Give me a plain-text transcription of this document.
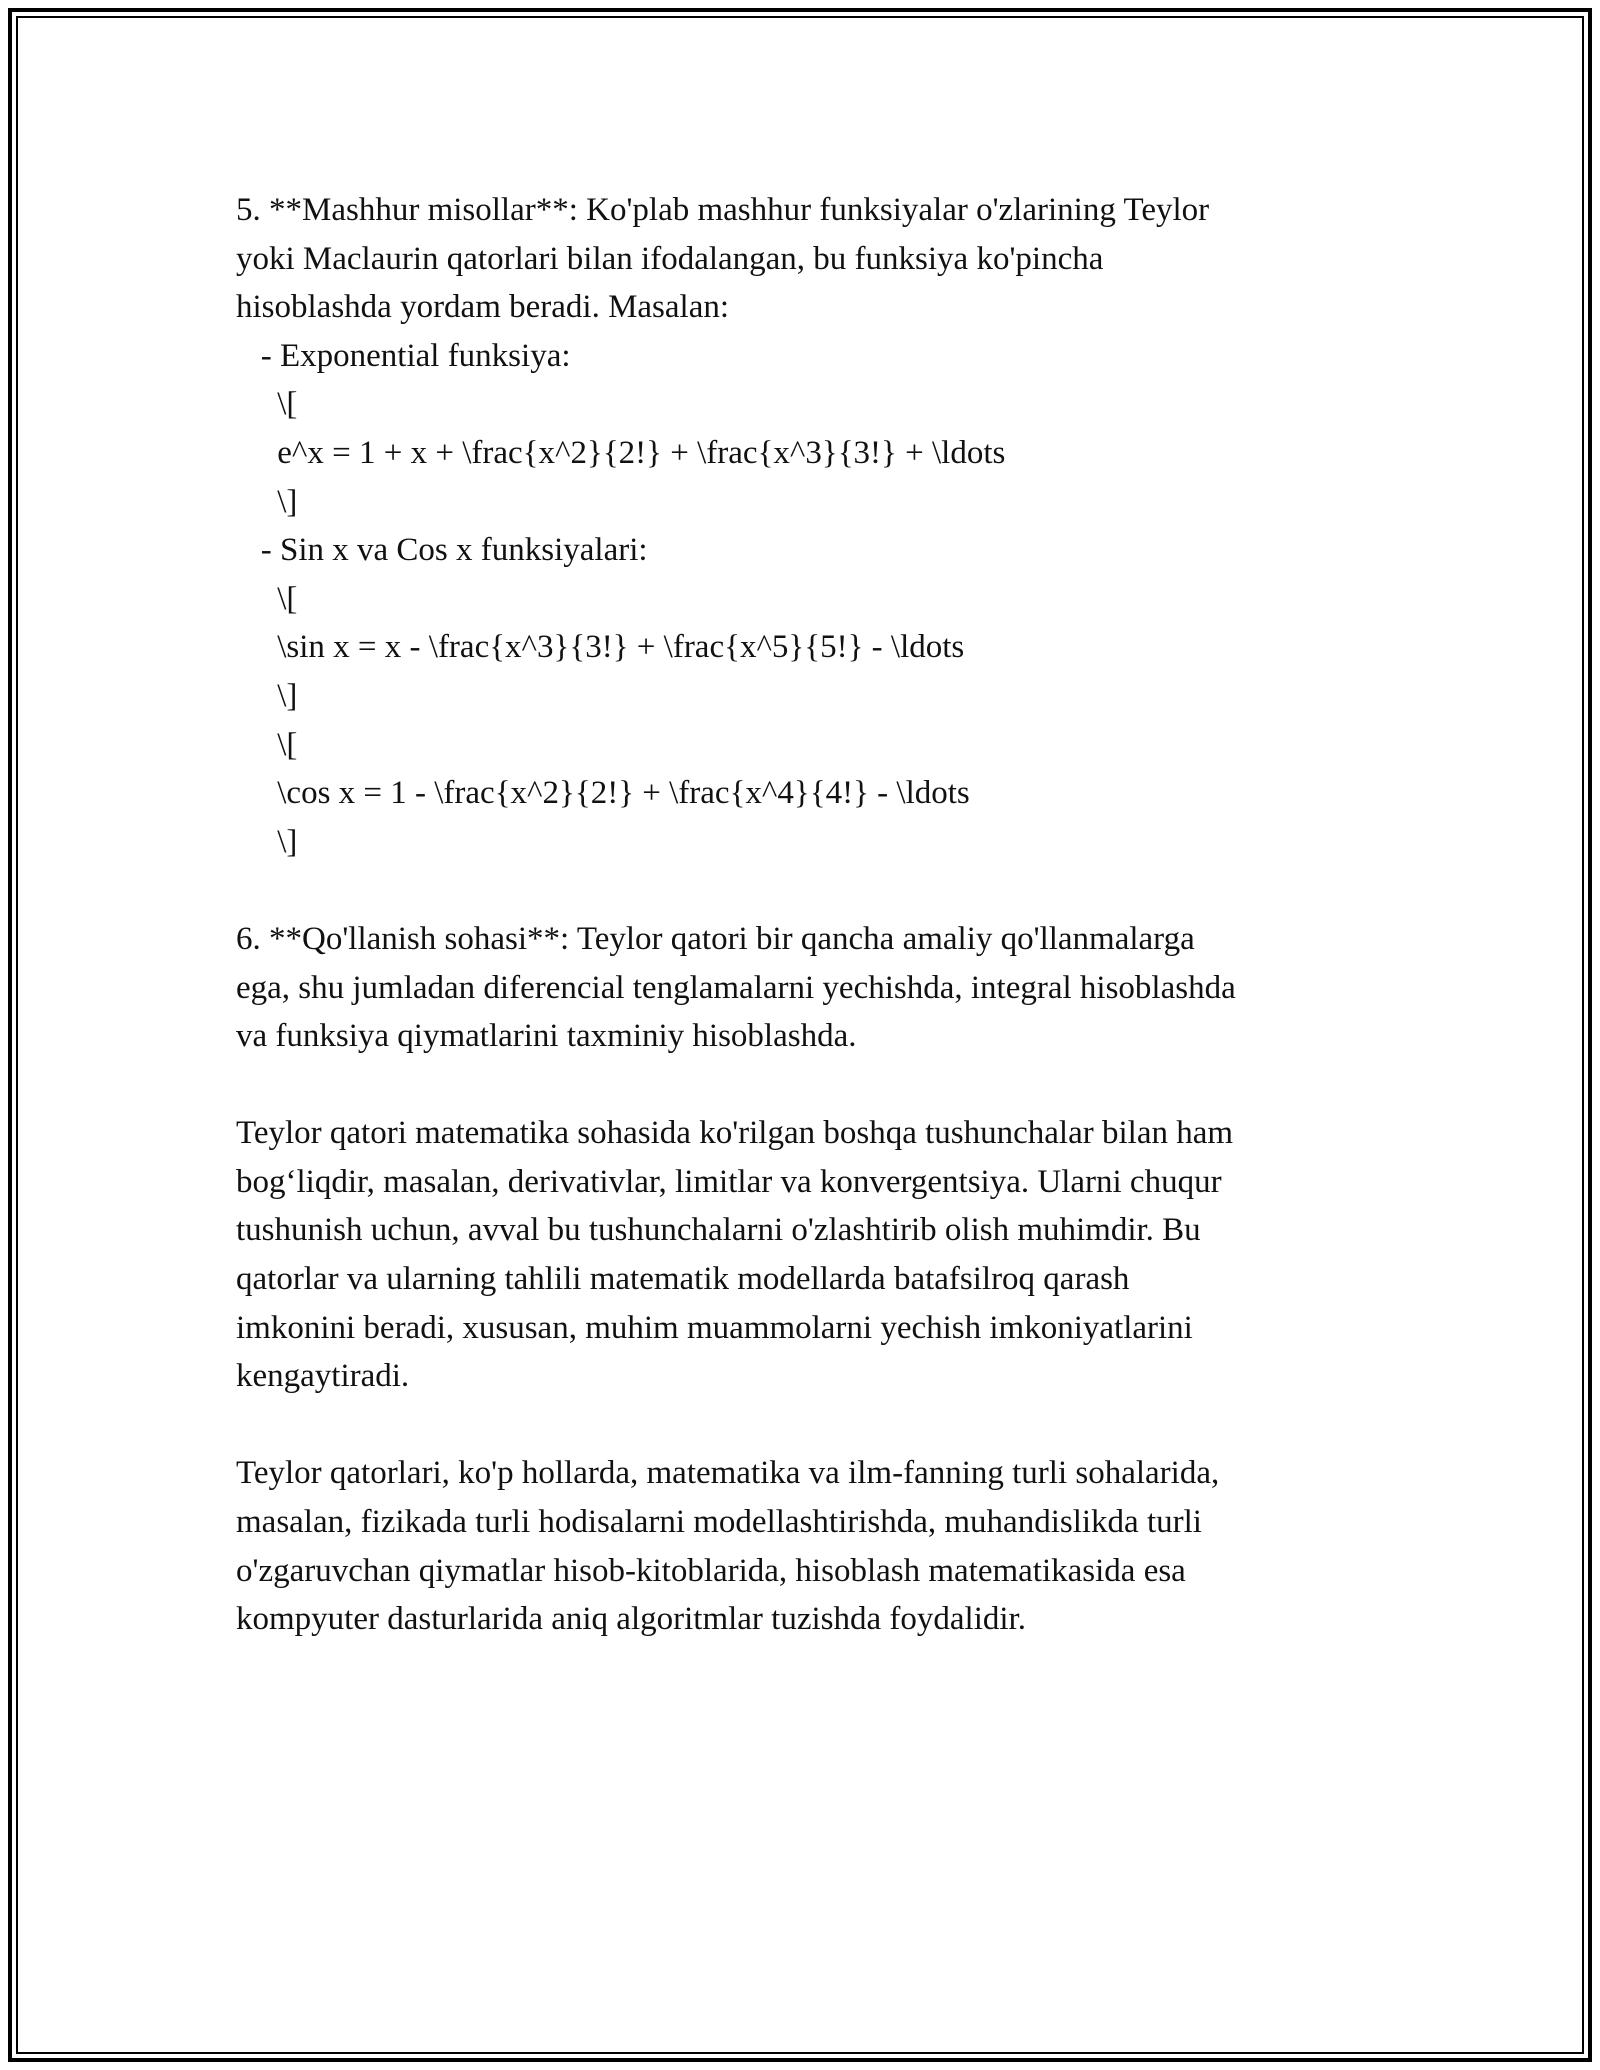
5. **Mashhur misollar**: Ko'plab mashhur funksiyalar o'zlarining Teylor

yoki Maclaurin qatorlari bilan ifodalangan, bu funksiya ko'pincha

hisoblashda yordam beradi. Masalan:

- Exponential funksiya:

\[

e^x = 1 + x + \frac{x^2}{2!} + \frac{x^3}{3!} + \ldots

\]

- Sin x va Cos x funksiyalari:

\[

\sin x = x - \frac{x^3}{3!} + \frac{x^5}{5!} - \ldots

\]

\[

\cos x = 1 - \frac{x^2}{2!} + \frac{x^4}{4!} - \ldots

\]

6. **Qo'llanish sohasi**: Teylor qatori bir qancha amaliy qo'llanmalarga

ega, shu jumladan diferencial tenglamalarni yechishda, integral hisoblashda

va funksiya qiymatlarini taxminiy hisoblashda.

Teylor qatori matematika sohasida ko'rilgan boshqa tushunchalar bilan ham

bog‘liqdir, masalan, derivativlar, limitlar va konvergentsiya. Ularni chuqur

tushunish uchun, avval bu tushunchalarni o'zlashtirib olish muhimdir. Bu

qatorlar va ularning tahlili matematik modellarda batafsilroq qarash

imkonini beradi, xususan, muhim muammolarni yechish imkoniyatlarini

kengaytiradi.

Teylor qatorlari, ko'p hollarda, matematika va ilm-fanning turli sohalarida,

masalan, fizikada turli hodisalarni modellashtirishda, muhandislikda turli

o'zgaruvchan qiymatlar hisob-kitoblarida, hisoblash matematikasida esa

kompyuter dasturlarida aniq algoritmlar tuzishda foydalidir.
